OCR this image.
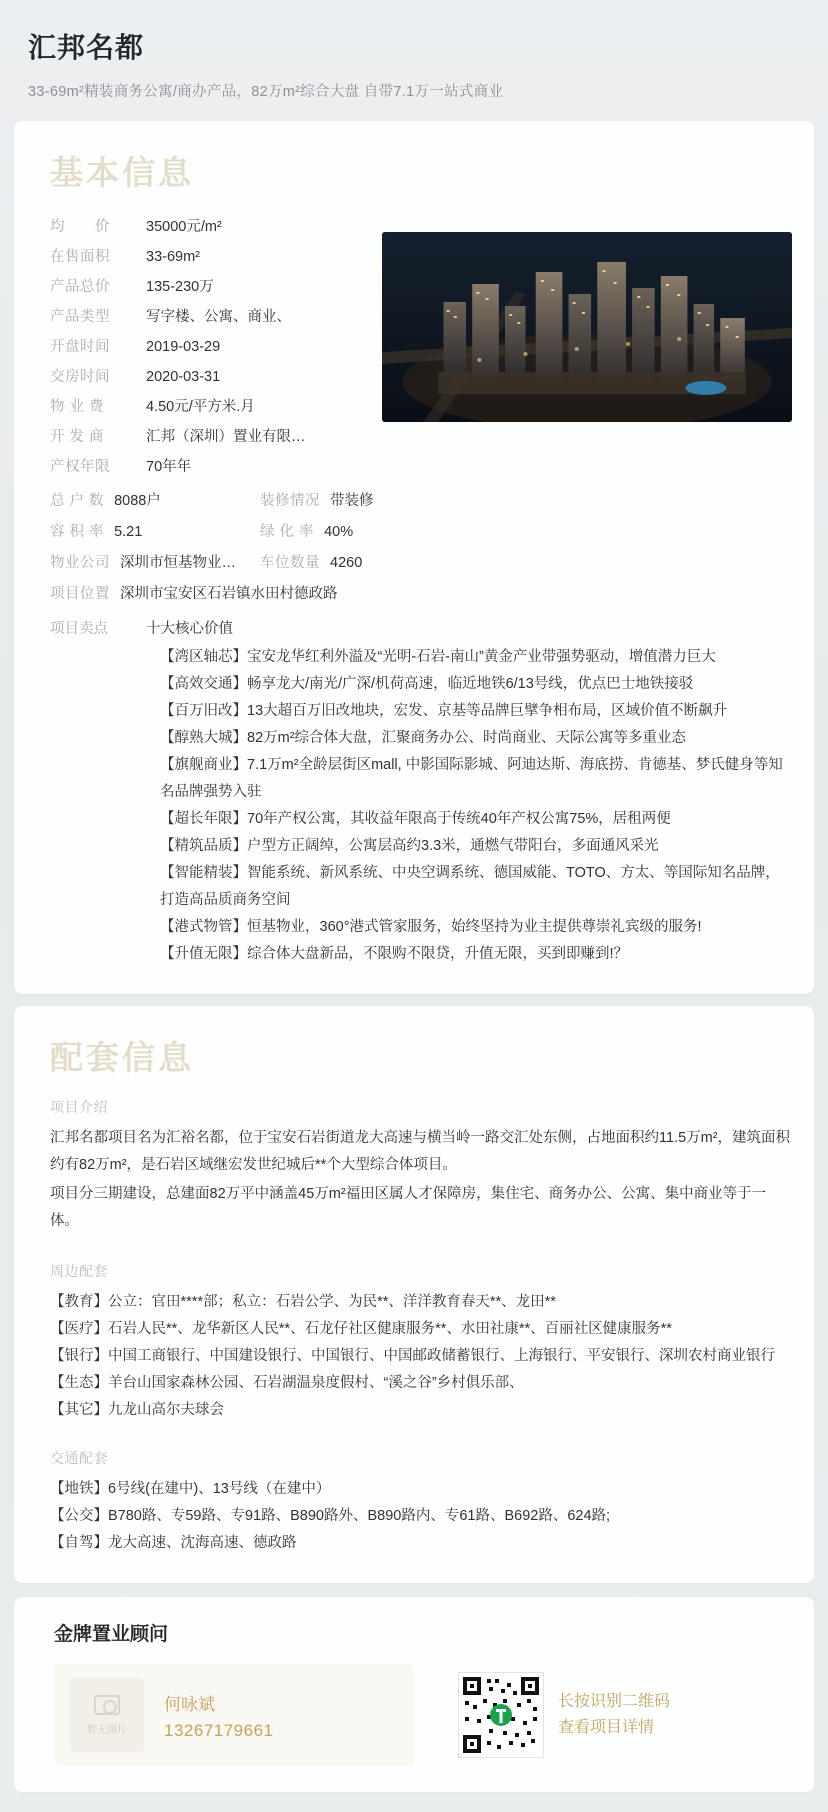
汇邦名都
33-69m²精装商务公寓/商办产品，82万m²综合大盘 自带7.1万一站式商业
基本信息
均　　价	35000元/m²
在售面积	33-69m²
产品总价	135-230万
产品类型	写字楼、公寓、商业、
开盘时间	2019-03-29
交房时间	2020-03-31
物 业 费	4.50元/平方米.月
开 发 商	汇邦（深圳）置业有限…
产权年限	70年年
总 户 数 8088户	装修情况 带装修
容 积 率 5.21	绿 化 率 40%
物业公司 深圳市恒基物业… 车位数量 4260
项目位置 深圳市宝安区石岩镇水田村德政路
项目卖点	十大核心价值
【湾区轴芯】宝安龙华红利外溢及“光明-石岩-南山”黄金产业带强势驱动，增值潜力巨大
【高效交通】畅享龙大/南光/广深/机荷高速，临近地铁6/13号线，优点巴士地铁接驳
【百万旧改】13大超百万旧改地块，宏发、京基等品牌巨擘争相布局，区域价值不断飙升
【醇熟大城】82万m²综合体大盘，汇聚商务办公、时尚商业、天际公寓等多重业态
【旗舰商业】7.1万m²全龄层街区mall, 中影国际影城、阿迪达斯、海底捞、肯德基、梦氏健身等知名品牌强势入驻
【超长年限】70年产权公寓，其收益年限高于传统40年产权公寓75%，居租两便
【精筑品质】户型方正阔绰，公寓层高约3.3米，通燃气带阳台，多面通风采光
【智能精装】智能系统、新风系统、中央空调系统、德国威能、TOTO、方太、等国际知名品牌，打造高品质商务空间
【港式物管】恒基物业，360°港式管家服务，始终坚持为业主提供尊崇礼宾级的服务!
【升值无限】综合体大盘新品，不限购不限贷，升值无限，买到即赚到!？
配套信息
项目介绍

汇邦名都项目名为汇裕名都，位于宝安石岩街道龙大高速与横当岭一路交汇处东侧，占地面积约11.5万m²，建筑面积约有82万m²，是石岩区域继宏发世纪城后**个大型综合体项目。

项目分三期建设，总建面82万平中涵盖45万m²福田区属人才保障房，集住宅、商务办公、公寓、集中商业等于一体。

周边配套
【教育】公立：官田****部；私立：石岩公学、为民**、洋洋教育春天**、龙田**
【医疗】石岩人民**、龙华新区人民**、石龙仔社区健康服务**、水田社康**、百丽社区健康服务**
【银行】中国工商银行、中国建设银行、中国银行、中国邮政储蓄银行、上海银行、平安银行、深圳农村商业银行
【生态】羊台山国家森林公园、石岩湖温泉度假村、“溪之谷”乡村俱乐部、
【其它】九龙山高尔夫球会
交通配套
【地铁】6号线(在建中)、13号线（在建中）
【公交】B780路、专59路、专91路、B890路外、B890路内、专61路、B692路、624路;
【自驾】龙大高速、沈海高速、德政路
金牌置业顾问
暂无图片
何咏斌
13267179661
长按识别二维码
查看项目详情
